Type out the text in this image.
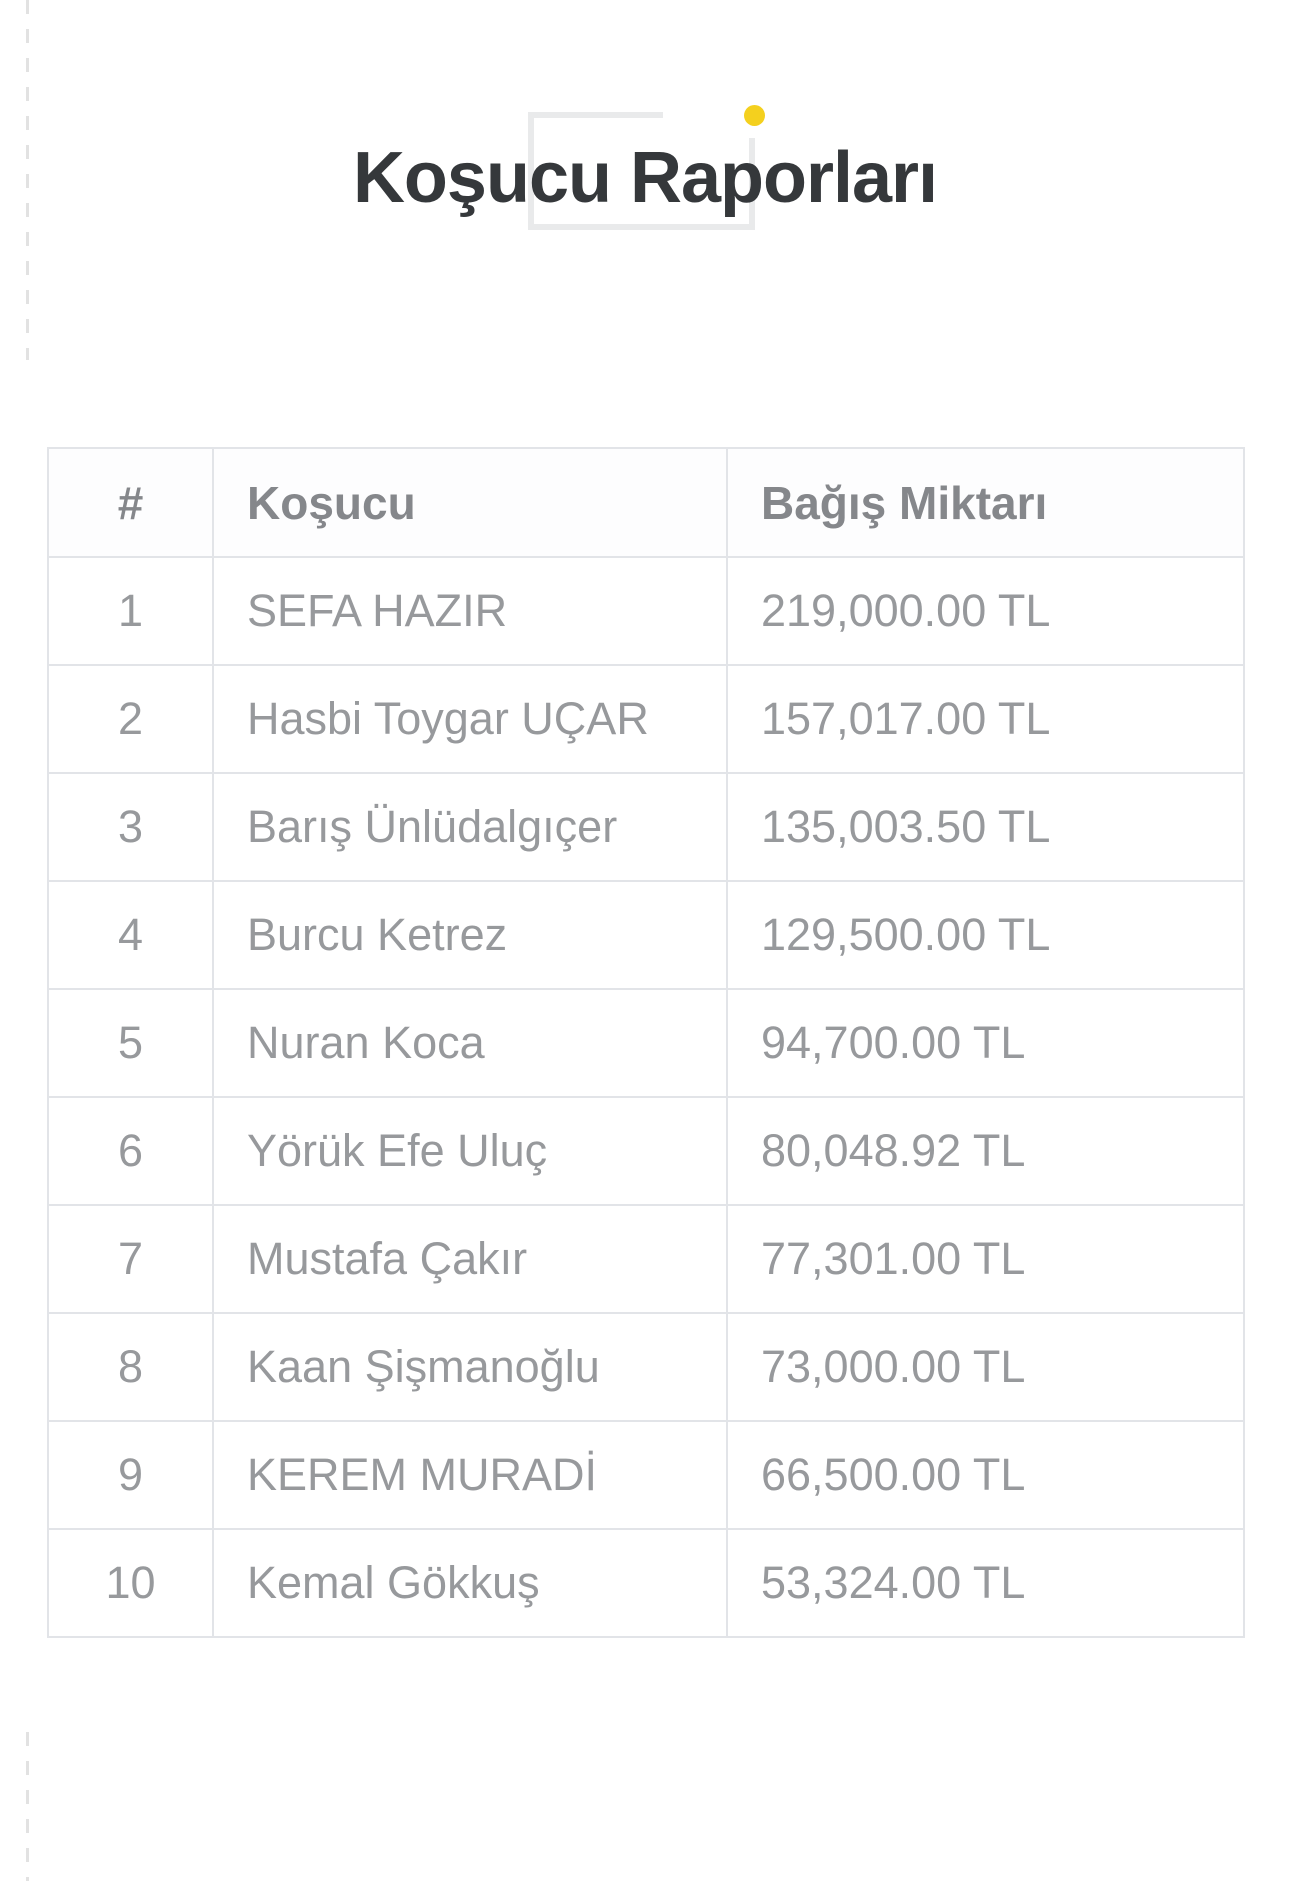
Koşucu Raporları
#	Koşucu	Bağış Miktarı
1	SEFA HAZIR	219,000.00 TL
2	Hasbi Toygar UÇAR	157,017.00 TL
3	Barış Ünlüdalgıçer	135,003.50 TL
4	Burcu Ketrez	129,500.00 TL
5	Nuran Koca	94,700.00 TL
6	Yörük Efe Uluç	80,048.92 TL
7	Mustafa Çakır	77,301.00 TL
8	Kaan Şişmanoğlu	73,000.00 TL
9	KEREM MURADİ	66,500.00 TL
10	Kemal Gökkuş	53,324.00 TL
